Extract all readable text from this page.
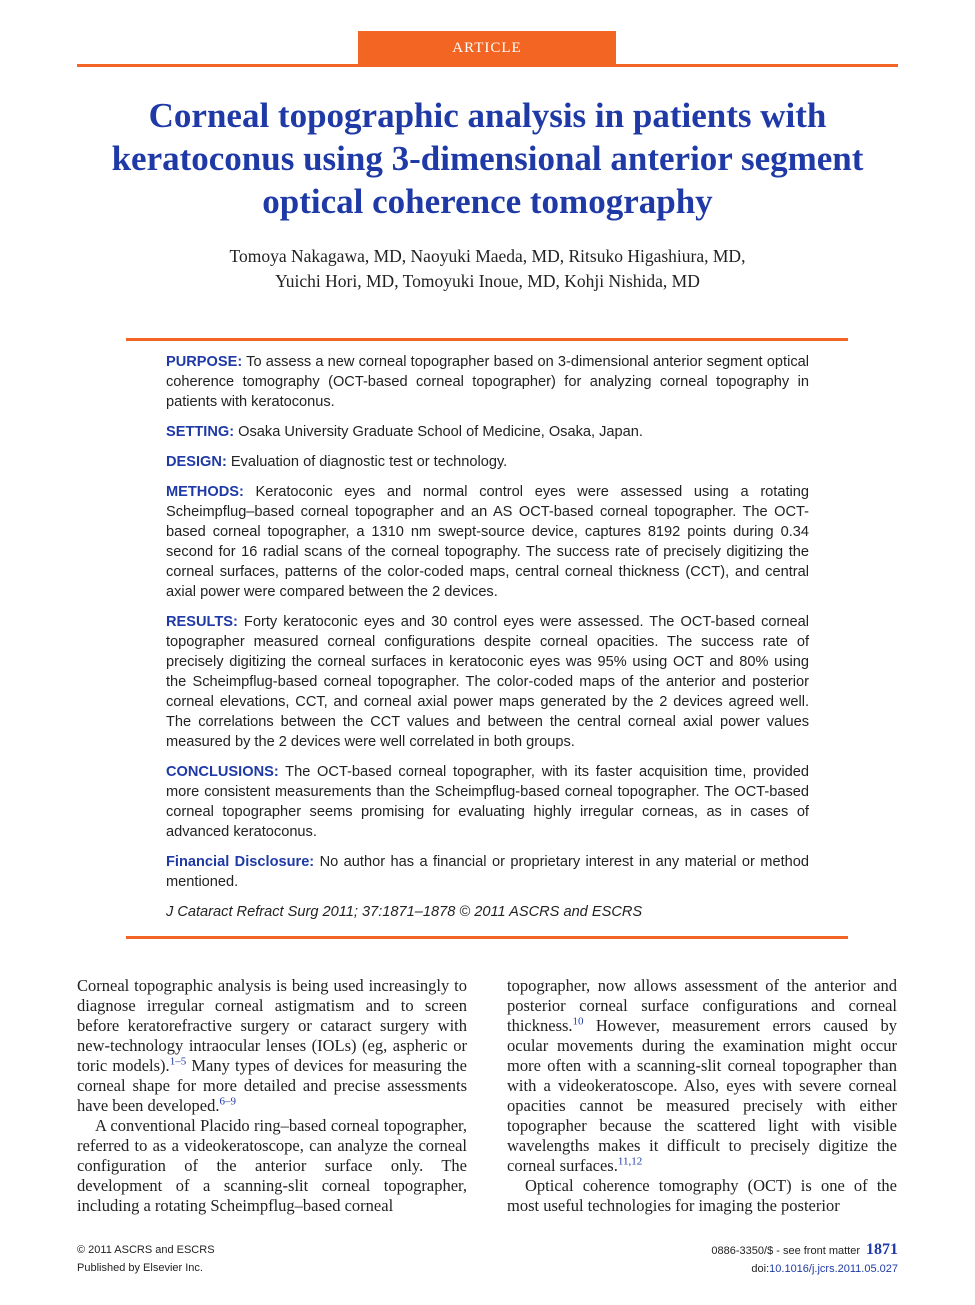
ARTICLE
Corneal topographic analysis in patients with keratoconus using 3-dimensional anterior segment optical coherence tomography
Tomoya Nakagawa, MD, Naoyuki Maeda, MD, Ritsuko Higashiura, MD,
Yuichi Hori, MD, Tomoyuki Inoue, MD, Kohji Nishida, MD

PURPOSE: To assess a new corneal topographer based on 3-dimensional anterior segment optical coherence tomography (OCT-based corneal topographer) for analyzing corneal topography in patients with keratoconus.

SETTING: Osaka University Graduate School of Medicine, Osaka, Japan.

DESIGN: Evaluation of diagnostic test or technology.

METHODS: Keratoconic eyes and normal control eyes were assessed using a rotating Scheimpflug–based corneal topographer and an AS OCT-based corneal topographer. The OCT-based corneal topographer, a 1310 nm swept-source device, captures 8192 points during 0.34 second for 16 radial scans of the corneal topography. The success rate of precisely digitizing the corneal surfaces, patterns of the color-coded maps, central corneal thickness (CCT), and central axial power were compared between the 2 devices.

RESULTS: Forty keratoconic eyes and 30 control eyes were assessed. The OCT-based corneal topographer measured corneal configurations despite corneal opacities. The success rate of precisely digitizing the corneal surfaces in keratoconic eyes was 95% using OCT and 80% using the Scheimpflug-based corneal topographer. The color-coded maps of the anterior and posterior corneal elevations, CCT, and corneal axial power maps generated by the 2 devices agreed well. The correlations between the CCT values and between the central corneal axial power values measured by the 2 devices were well correlated in both groups.

CONCLUSIONS: The OCT-based corneal topographer, with its faster acquisition time, provided more consistent measurements than the Scheimpflug-based corneal topographer. The OCT-based corneal topographer seems promising for evaluating highly irregular corneas, as in cases of advanced keratoconus.

Financial Disclosure: No author has a financial or proprietary interest in any material or method mentioned.

J Cataract Refract Surg 2011; 37:1871–1878 © 2011 ASCRS and ESCRS

Corneal topographic analysis is being used increasingly to diagnose irregular corneal astigmatism and to screen before keratorefractive surgery or cataract surgery with new-technology intraocular lenses (IOLs) (eg, aspheric or toric models).$^{1-5}$ Many types of devices for measuring the corneal shape for more detailed and precise assessments have been developed.$^{6-9}$

A conventional Placido ring–based corneal topographer, referred to as a videokeratoscope, can analyze the corneal configuration of the anterior surface only. The development of a scanning-slit corneal topographer, including a rotating Scheimpflug–based corneal

topographer, now allows assessment of the anterior and posterior corneal surface configurations and corneal thickness.$^{10}$ However, measurement errors caused by ocular movements during the examination might occur more often with a scanning-slit corneal topographer than with a videokeratoscope. Also, eyes with severe corneal opacities cannot be measured precisely with either topographer because the scattered light with visible wavelengths makes it difficult to precisely digitize the corneal surfaces.$^{11,12}$

Optical coherence tomography (OCT) is one of the most useful technologies for imaging the posterior

© 2011 ASCRS and ESCRS
Published by Elsevier Inc.
0886-3350/$ - see front matter 1871
doi:10.1016/j.jcrs.2011.05.027
